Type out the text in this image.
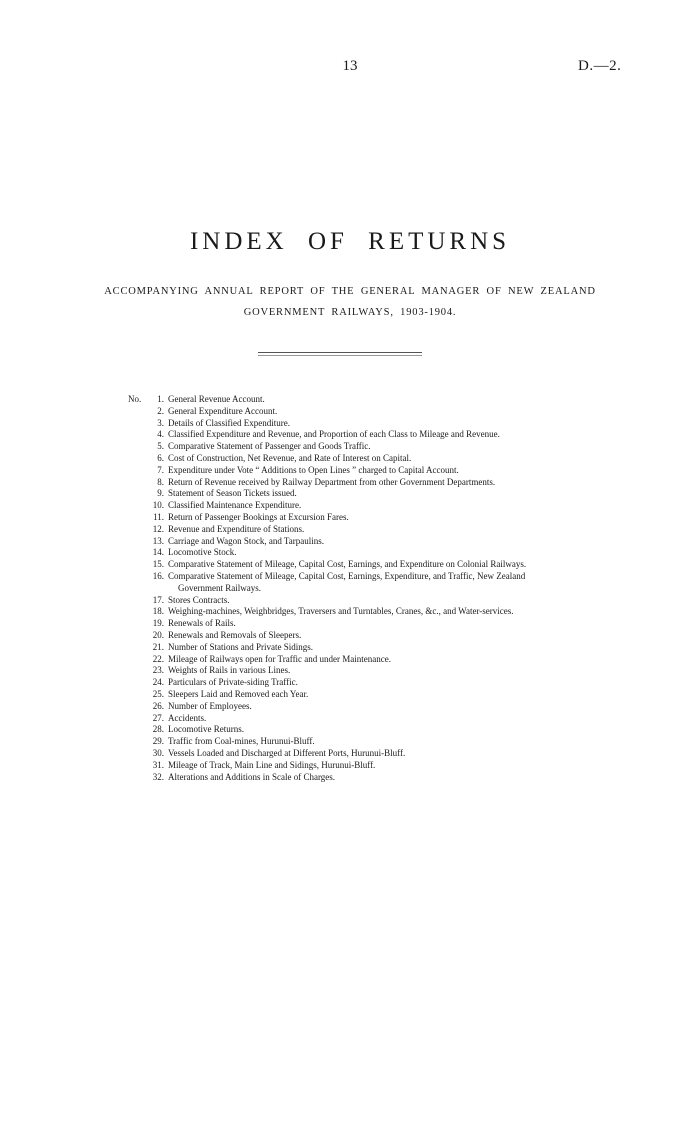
13	D.—2.
INDEX OF RETURNS
ACCOMPANYING ANNUAL REPORT OF THE GENERAL MANAGER OF NEW ZEALAND GOVERNMENT RAILWAYS, 1903-1904.
No.	1. General Revenue Account.
2. General Expenditure Account.
3. Details of Classified Expenditure.
4. Classified Expenditure and Revenue, and Proportion of each Class to Mileage and Revenue.
5. Comparative Statement of Passenger and Goods Traffic.
6. Cost of Construction, Net Revenue, and Rate of Interest on Capital.
7. Expenditure under Vote “ Additions to Open Lines ” charged to Capital Account.
8. Return of Revenue received by Railway Department from other Government Departments.
9. Statement of Season Tickets issued.
10. Classified Maintenance Expenditure.
11. Return of Passenger Bookings at Excursion Fares.
12. Revenue and Expenditure of Stations.
13. Carriage and Wagon Stock, and Tarpaulins.
14. Locomotive Stock.
15. Comparative Statement of Mileage, Capital Cost, Earnings, and Expenditure on Colonial Railways.
16. Comparative Statement of Mileage, Capital Cost, Earnings, Expenditure, and Traffic, New Zealand
Government Railways.
17. Stores Contracts.
18. Weighing-machines, Weighbridges, Traversers and Turntables, Cranes, &c., and Water-services.
19. Renewals of Rails.
20. Renewals and Removals of Sleepers.
21. Number of Stations and Private Sidings.
22. Mileage of Railways open for Traffic and under Maintenance.
23. Weights of Rails in various Lines.
24. Particulars of Private-siding Traffic.
25. Sleepers Laid and Removed each Year.
26. Number of Employees.
27. Accidents.
28. Locomotive Returns.
29. Traffic from Coal-mines, Hurunui-Bluff.
30. Vessels Loaded and Discharged at Different Ports, Hurunui-Bluff.
31. Mileage of Track, Main Line and Sidings, Hurunui-Bluff.
32. Alterations and Additions in Scale of Charges.
